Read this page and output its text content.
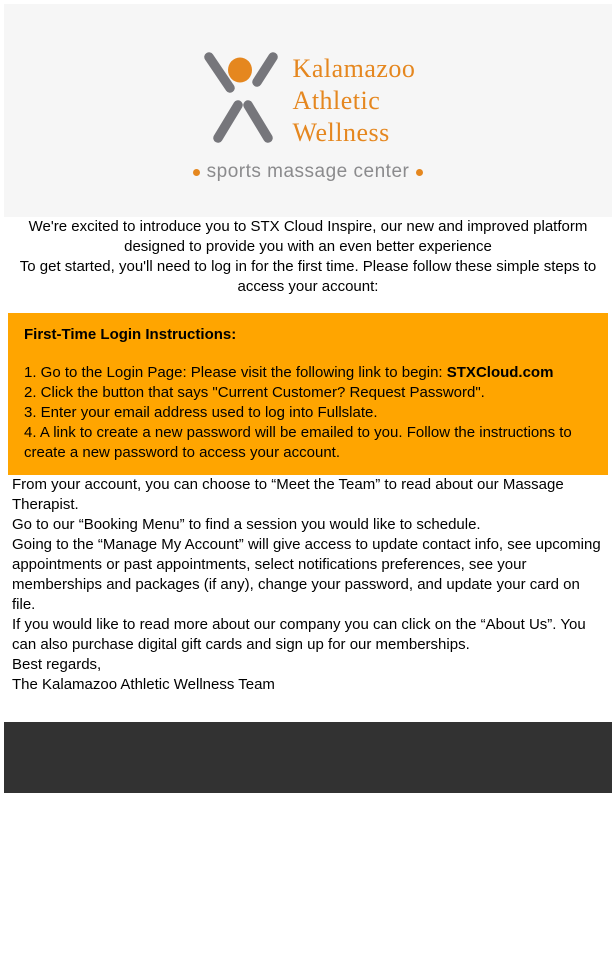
Kalamazoo
Athletic
Wellness
sports massage center

We're excited to introduce you to STX Cloud Inspire, our new and improved platform designed to provide you with an even better experience

To get started, you'll need to log in for the first time. Please follow these simple steps to access your account:

First-Time Login Instructions:

1. Go to the Login Page: Please visit the following link to begin: STXCloud.com
2. Click the button that says "Current Customer? Request Password".
3. Enter your email address used to log into Fullslate.
4. A link to create a new password will be emailed to you. Follow the instructions to create a new password to access your account.

From your account, you can choose to “Meet the Team” to read about our Massage Therapist.

Go to our “Booking Menu” to find a session you would like to schedule.

Going to the “Manage My Account” will give access to update contact info, see upcoming appointments or past appointments, select notifications preferences, see your memberships and packages (if any), change your password, and update your card on file.

If you would like to read more about our company you can click on the “About Us”. You can also purchase digital gift cards and sign up for our memberships.

Best regards,

The Kalamazoo Athletic Wellness Team
